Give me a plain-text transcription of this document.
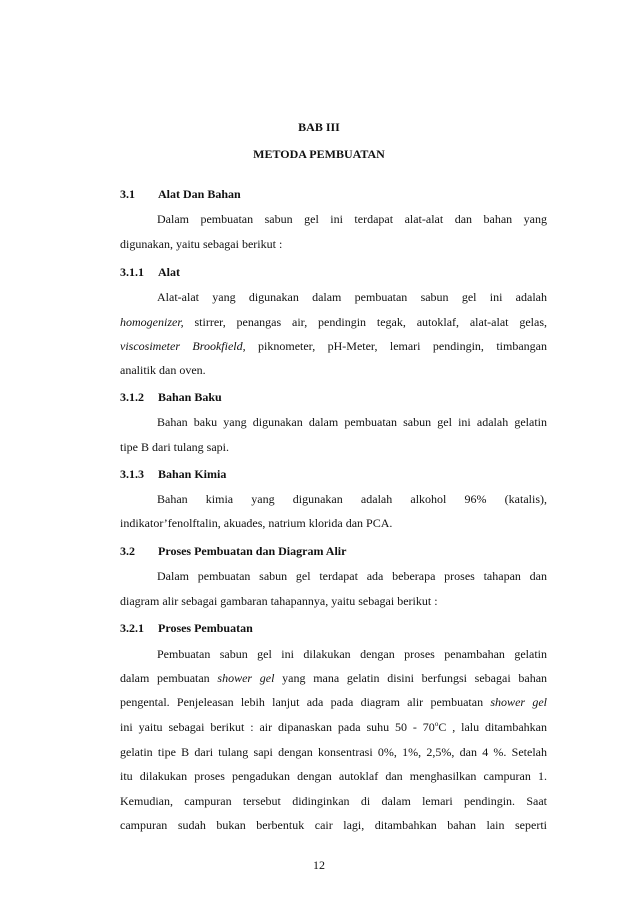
BAB III
METODA PEMBUATAN
3.1 Alat Dan Bahan
Dalam pembuatan sabun gel ini terdapat alat-alat dan bahan yang
digunakan, yaitu sebagai berikut :
3.1.1 Alat
Alat-alat yang digunakan dalam pembuatan sabun gel ini adalah
homogenizer, stirrer, penangas air, pendingin tegak, autoklaf, alat-alat gelas,
viscosimeter Brookfield, piknometer, pH-Meter, lemari pendingin, timbangan
analitik dan oven.
3.1.2 Bahan Baku
Bahan baku yang digunakan dalam pembuatan sabun gel ini adalah gelatin
tipe B dari tulang sapi.
3.1.3 Bahan Kimia
Bahan kimia yang digunakan adalah alkohol 96% (katalis),
indikator’fenolftalin, akuades, natrium klorida dan PCA.
3.2 Proses Pembuatan dan Diagram Alir
Dalam pembuatan sabun gel terdapat ada beberapa proses tahapan dan
diagram alir sebagai gambaran tahapannya, yaitu sebagai berikut :
3.2.1 Proses Pembuatan
Pembuatan sabun gel ini dilakukan dengan proses penambahan gelatin
dalam pembuatan shower gel yang mana gelatin disini berfungsi sebagai bahan
pengental. Penjeleasan lebih lanjut ada pada diagram alir pembuatan shower gel
ini yaitu sebagai berikut : air dipanaskan pada suhu 50 - 70$^o$C , lalu ditambahkan
gelatin tipe B dari tulang sapi dengan konsentrasi 0%, 1%, 2,5%, dan 4 %. Setelah
itu dilakukan proses pengadukan dengan autoklaf dan menghasilkan campuran 1.
Kemudian, campuran tersebut didinginkan di dalam lemari pendingin. Saat
campuran sudah bukan berbentuk cair lagi, ditambahkan bahan lain seperti
12
